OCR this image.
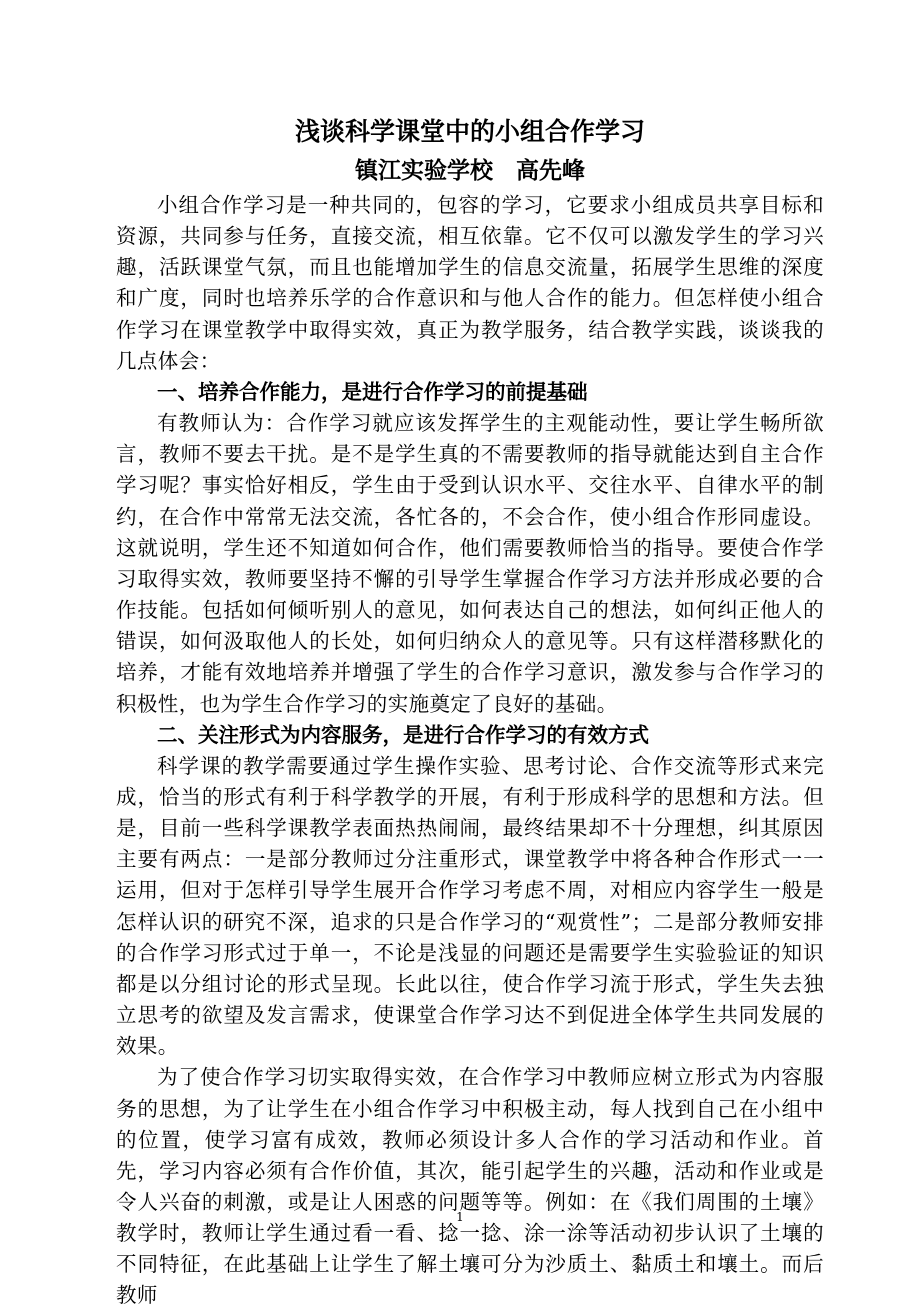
浅谈科学课堂中的小组合作学习
镇江实验学校　高先峰

小组合作学习是一种共同的，包容的学习，它要求小组成员共享目标和资源，共同参与任务，直接交流，相互依靠。它不仅可以激发学生的学习兴趣，活跃课堂气氛，而且也能增加学生的信息交流量，拓展学生思维的深度和广度，同时也培养乐学的合作意识和与他人合作的能力。但怎样使小组合作学习在课堂教学中取得实效，真正为教学服务，结合教学实践，谈谈我的几点体会：

一、培养合作能力，是进行合作学习的前提基础

有教师认为：合作学习就应该发挥学生的主观能动性，要让学生畅所欲言，教师不要去干扰。是不是学生真的不需要教师的指导就能达到自主合作学习呢？事实恰好相反，学生由于受到认识水平、交往水平、自律水平的制约，在合作中常常无法交流，各忙各的，不会合作，使小组合作形同虚设。这就说明，学生还不知道如何合作，他们需要教师恰当的指导。要使合作学习取得实效，教师要坚持不懈的引导学生掌握合作学习方法并形成必要的合作技能。包括如何倾听别人的意见，如何表达自己的想法，如何纠正他人的错误，如何汲取他人的长处，如何归纳众人的意见等。只有这样潜移默化的培养，才能有效地培养并增强了学生的合作学习意识，激发参与合作学习的积极性，也为学生合作学习的实施奠定了良好的基础。

二、关注形式为内容服务，是进行合作学习的有效方式

科学课的教学需要通过学生操作实验、思考讨论、合作交流等形式来完成，恰当的形式有利于科学教学的开展，有利于形成科学的思想和方法。但是，目前一些科学课教学表面热热闹闹，最终结果却不十分理想，纠其原因主要有两点：一是部分教师过分注重形式，课堂教学中将各种合作形式一一运用，但对于怎样引导学生展开合作学习考虑不周，对相应内容学生一般是怎样认识的研究不深，追求的只是合作学习的“观赏性”；二是部分教师安排的合作学习形式过于单一，不论是浅显的问题还是需要学生实验验证的知识都是以分组讨论的形式呈现。长此以往，使合作学习流于形式，学生失去独立思考的欲望及发言需求，使课堂合作学习达不到促进全体学生共同发展的效果。

为了使合作学习切实取得实效，在合作学习中教师应树立形式为内容服务的思想，为了让学生在小组合作学习中积极主动，每人找到自己在小组中的位置，使学习富有成效，教师必须设计多人合作的学习活动和作业。首先，学习内容必须有合作价值，其次，能引起学生的兴趣，活动和作业或是令人兴奋的刺激，或是让人困惑的问题等等。例如：在《我们周围的土壤》教学时，教师让学生通过看一看、捻一捻、涂一涂等活动初步认识了土壤的不同特征，在此基础上让学生了解土壤可分为沙质土、黏质土和壤土。而后教师

1
